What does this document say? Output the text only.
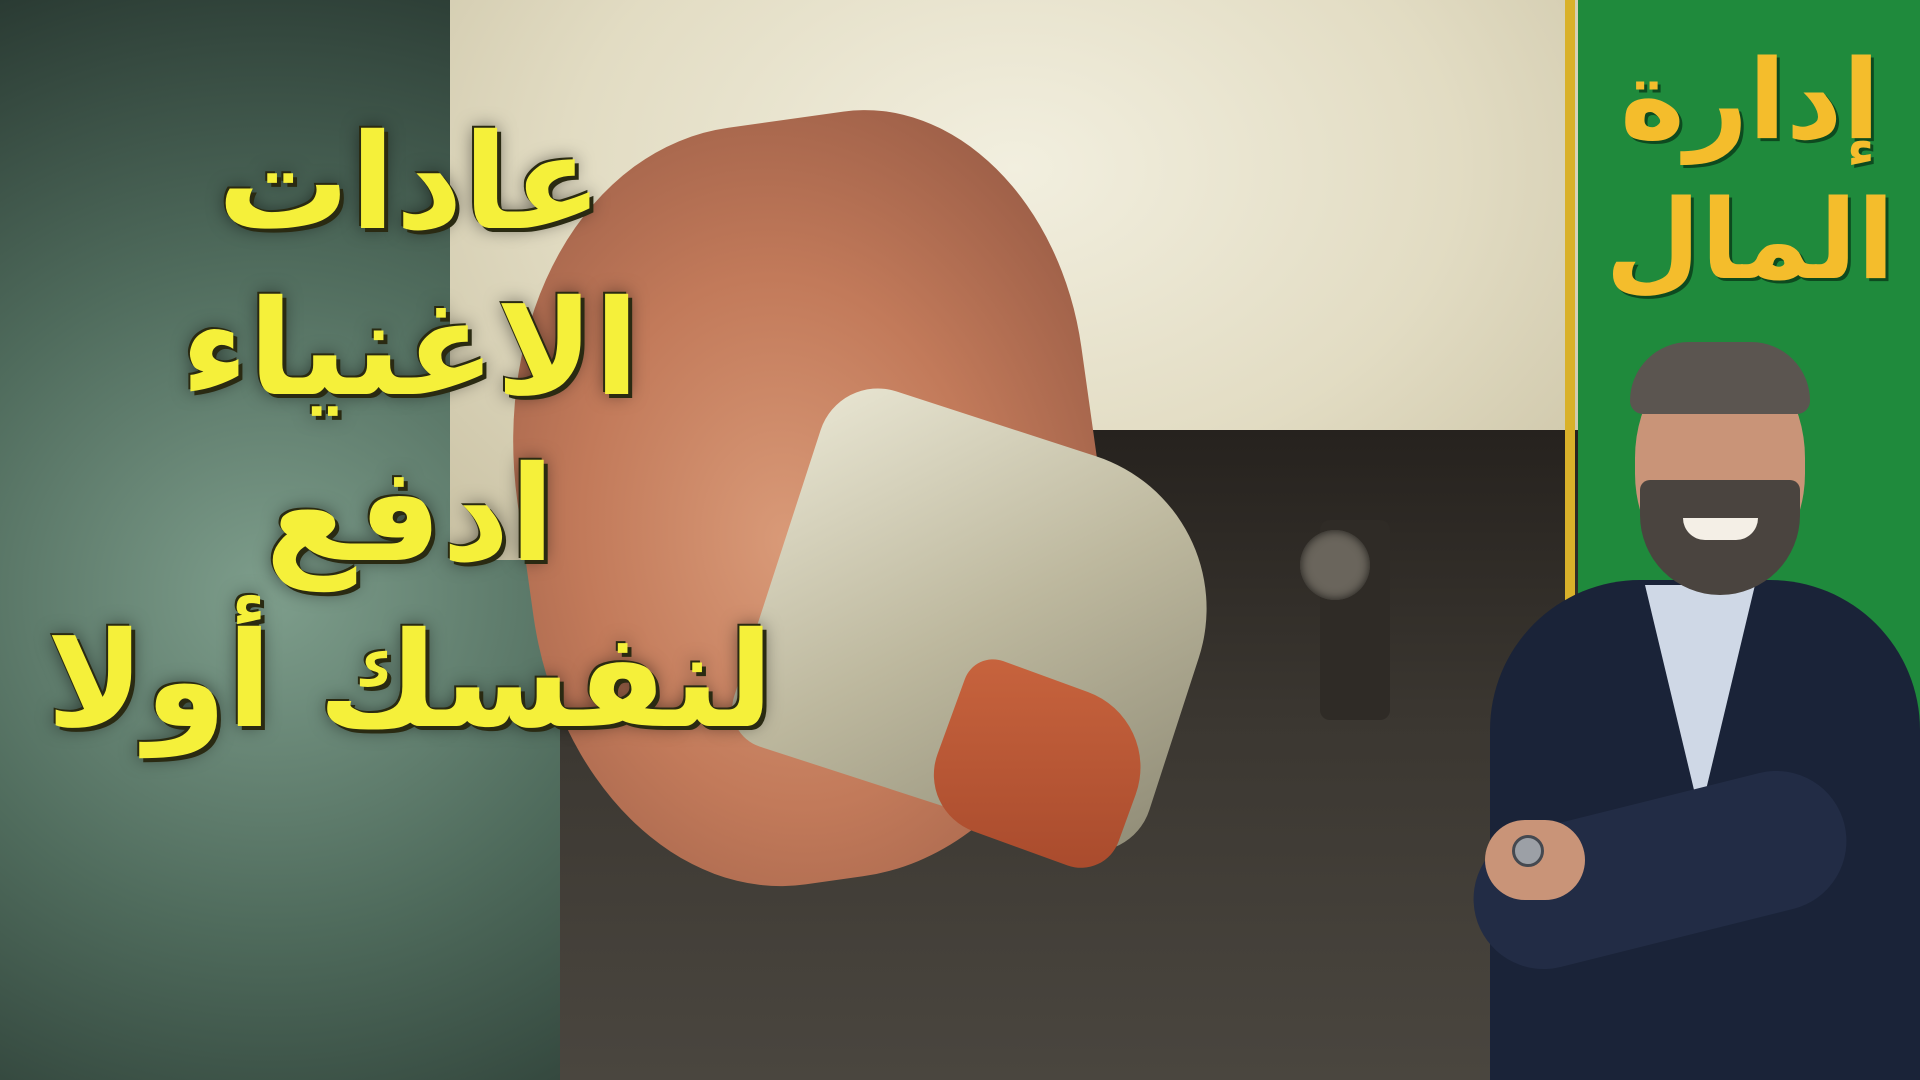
إدارة
المال
عادات
الاغنياء
ادفع
لنفسك أولا
